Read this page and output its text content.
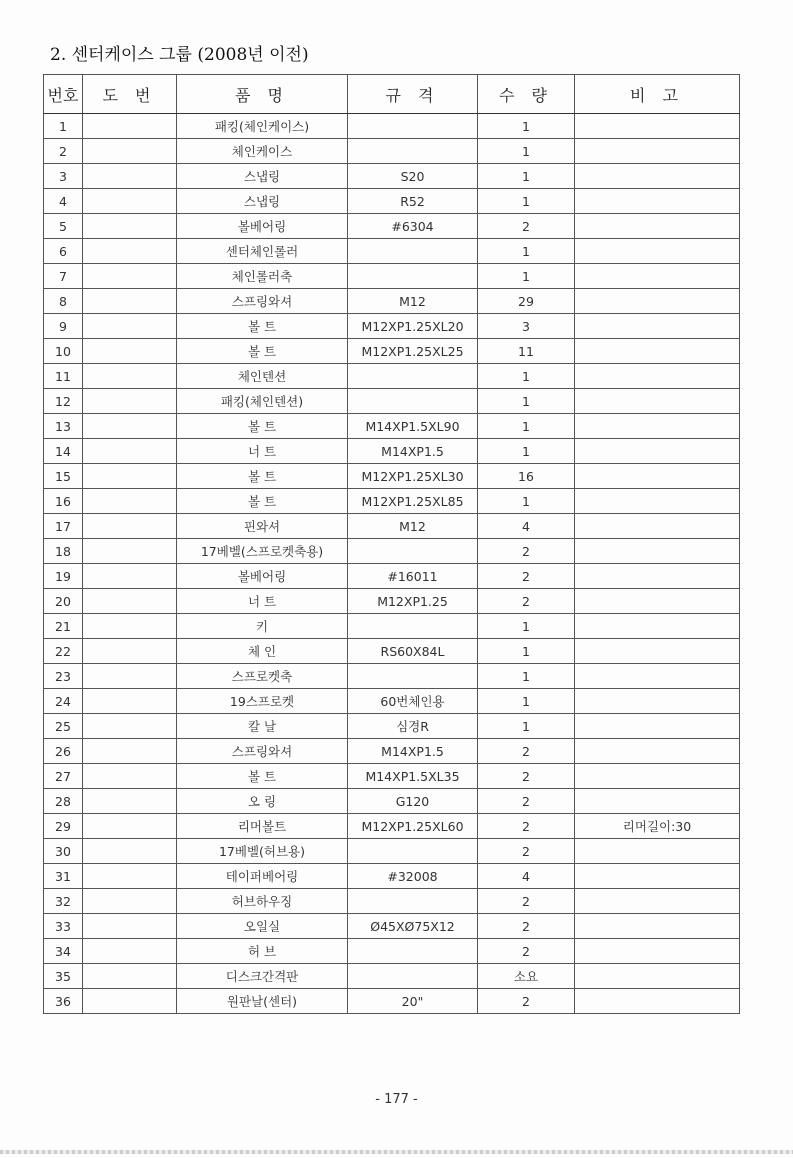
2. 센터케이스 그룹 (2008년 이전)
번호	도 번	품 명	규 격	수 량	비 고
1		패킹(체인케이스)		1	
2		체인케이스		1	
3		스냅링	S20	1	
4		스냅링	R52	1	
5		볼베어링	#6304	2	
6		센터체인롤러		1	
7		체인롤러축		1	
8		스프링와셔	M12	29	
9		볼 트	M12XP1.25XL20	3	
10		볼 트	M12XP1.25XL25	11	
11		체인텐션		1	
12		패킹(체인텐션)		1	
13		볼 트	M14XP1.5XL90	1	
14		너 트	M14XP1.5	1	
15		볼 트	M12XP1.25XL30	16	
16		볼 트	M12XP1.25XL85	1	
17		핀와셔	M12	4	
18		17베벨(스프로켓축용)		2	
19		볼베어링	#16011	2	
20		너 트	M12XP1.25	2	
21		키		1	
22		체 인	RS60X84L	1	
23		스프로켓축		1	
24		19스프로켓	60번체인용	1	
25		칼 날	심경R	1	
26		스프링와셔	M14XP1.5	2	
27		볼 트	M14XP1.5XL35	2	
28		오 링	G120	2	
29		리머볼트	M12XP1.25XL60	2	리머길이:30
30		17베벨(허브용)		2	
31		테이퍼베어링	#32008	4	
32		허브하우징		2	
33		오일실	Ø45XØ75X12	2	
34		허 브		2	
35		디스크간격판		소요	
36		원판날(센터)	20"	2	
- 177 -
